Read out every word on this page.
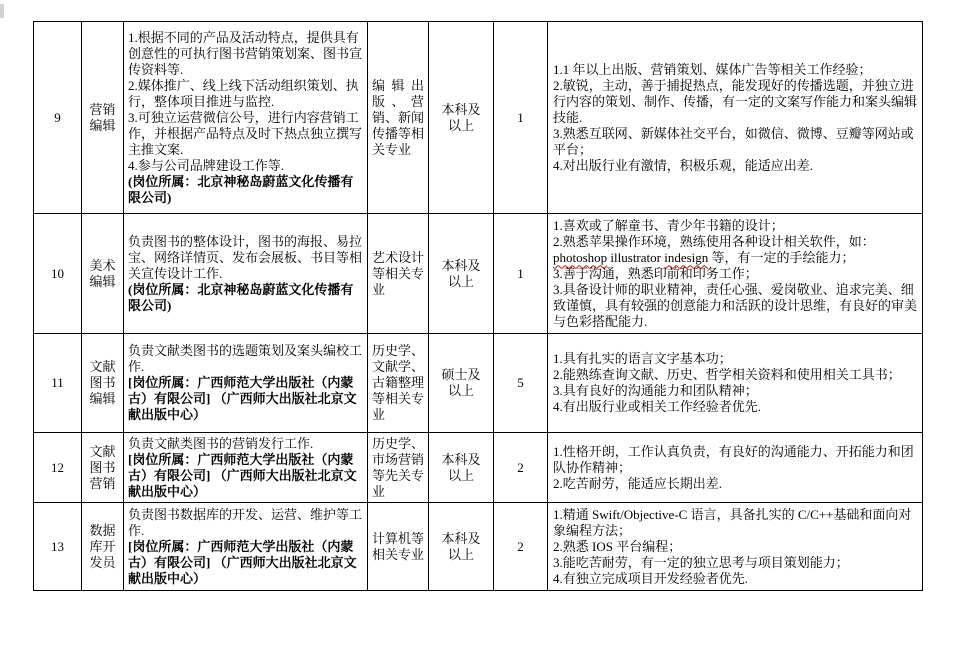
9
营销编辑
1.根据不同的产品及活动特点，提供具有创意性的可执行图书营销策划案、图书宣传资料等.
2.媒体推广、线上线下活动组织策划、执行，整体项目推进与监控.
3.可独立运营微信公号，进行内容营销工作，并根据产品特点及时下热点独立撰写主推文案.
4.参与公司品牌建设工作等.
(岗位所属：北京神秘岛蔚蓝文化传播有限公司)
编辑出版、营销、新闻传播等相关专业
本科及以上
1
1.1 年以上出版、营销策划、媒体广告等相关工作经验；
2.敏锐，主动，善于捕捉热点，能发现好的传播选题，并独立进行内容的策划、制作、传播，有一定的文案写作能力和案头编辑技能.
3.熟悉互联网、新媒体社交平台，如微信、微博、豆瓣等网站或平台；
4.对出版行业有激情，积极乐观，能适应出差.
10
美术编辑
负责图书的整体设计，图书的海报、易拉宝、网络详情页、发布会展板、书目等相关宣传设计工作.
(岗位所属：北京神秘岛蔚蓝文化传播有限公司)
艺术设计等相关专业
本科及以上
1
1.喜欢或了解童书、青少年书籍的设计；
2.熟悉苹果操作环境，熟练使用各种设计相关软件，如：photoshop illustrator indesign 等，有一定的手绘能力；
3.善于沟通，熟悉印前和印务工作；
3.具备设计师的职业精神，责任心强、爱岗敬业、追求完美、细致谨慎，具有较强的创意能力和活跃的设计思维，有良好的审美与色彩搭配能力.
11
文献图书编辑
负责文献类图书的选题策划及案头编校工作.
[岗位所属：广西师范大学出版社（内蒙古）有限公司] （广西师大出版社北京文献出版中心）
历史学、文献学、古籍整理等相关专业
硕士及以上
5
1.具有扎实的语言文字基本功；
2.能熟练查询文献、历史、哲学相关资料和使用相关工具书；
3.具有良好的沟通能力和团队精神；
4.有出版行业或相关工作经验者优先.
12
文献图书营销
负责文献类图书的营销发行工作.
[岗位所属：广西师范大学出版社（内蒙古）有限公司] （广西师大出版社北京文献出版中心）
历史学、市场营销等先关专业
本科及以上
2
1.性格开朗，工作认真负责，有良好的沟通能力、开拓能力和团队协作精神；
2.吃苦耐劳，能适应长期出差.
13
数据库开发员
负责图书数据库的开发、运营、维护等工作.
[岗位所属：广西师范大学出版社（内蒙古）有限公司] （广西师大出版社北京文献出版中心）
计算机等相关专业
本科及以上
2
1.精通 Swift/Objective-C 语言，具备扎实的 C/C++基础和面向对象编程方法；
2.熟悉 IOS 平台编程；
3.能吃苦耐劳，有一定的独立思考与项目策划能力；
4.有独立完成项目开发经验者优先.
